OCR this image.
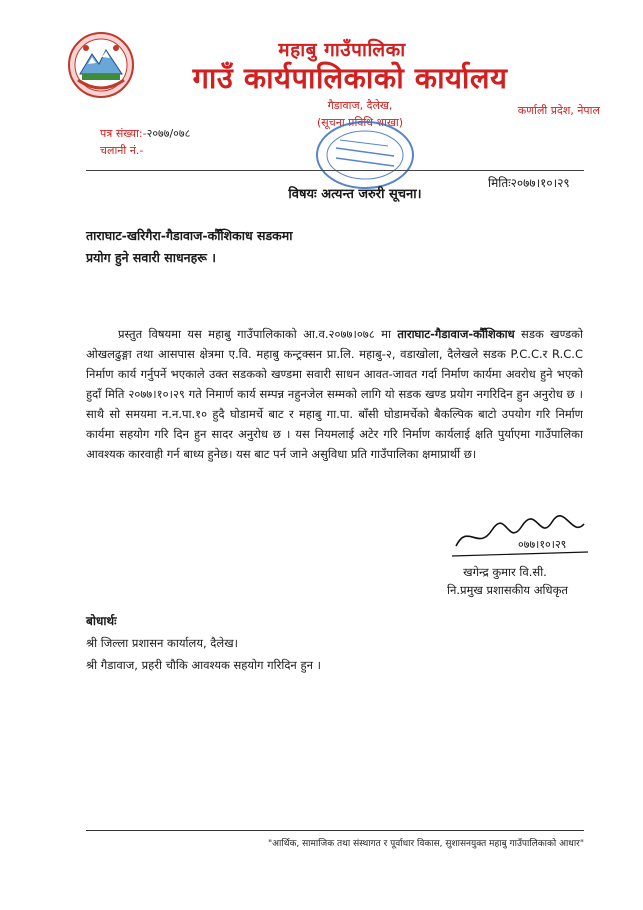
महाबु गाउँपालिका
गाउँ कार्यपालिकाको कार्यालय
गैडावाज, दैलेख,
(सूचना प्रविधि शाखा)
कर्णाली प्रदेश, नेपाल
पत्र संख्या:-२०७७/०७८
चलानी नं.-
मितिः२०७७।१०।२९
विषयः अत्यन्त जरुरी सूचना।
ताराघाट-खरिगैरा-गैडावाज-कौँशिकाध सडकमा
प्रयोग हुने सवारी साधनहरू ।

प्रस्तुत विषयमा यस महाबु गाउँपालिकाको आ.व.२०७७।०७८ मा ताराघाट-गैडावाज-कौँशिकाध सडक खण्डको ओखलढुङ्गा तथा आसपास क्षेत्रमा ए.वि. महाबु कन्ट्रक्सन प्रा.लि. महाबु-२, वडाखोला, दैलेखले सडक P.C.C.र R.C.C निर्माण कार्य गर्नुपर्ने भएकाले उक्त सडकको खण्डमा सवारी साधन आवत-जावत गर्दा निर्माण कार्यमा अवरोध हुने भएको हुदाँ मिति २०७७।१०।२९ गते निमार्ण कार्य सम्पन्न नहुनजेल सम्मको लागि यो सडक खण्ड प्रयोग नगरिदिन हुन अनुरोध छ । साथै सो समयमा न.न.पा.१० हुदै घोडामर्चे बाट र महाबु गा.पा. बाँसी घोडामर्चेको बैकल्पिक बाटो उपयोग गरि निर्माण कार्यमा सहयोग गरि दिन हुन सादर अनुरोध छ । यस नियमलाई अटेर गरि निर्माण कार्यलाई क्षति पुर्याएमा गाउँपालिका आवश्यक कारवाही गर्न बाध्य हुनेछ। यस बाट पर्न जाने असुविधा प्रति गाउँपालिका क्षमाप्रार्थी छ।

०७७।१०।२९
खगेन्द्र कुमार वि.सी.
नि.प्रमुख प्रशासकीय अधिकृत
बोधार्थः
श्री जिल्ला प्रशासन कार्यालय, दैलेख।
श्री गैडावाज, प्रहरी चौकि आवश्यक सहयोग गरिदिन हुन ।
"आर्थिक, सामाजिक तथा संस्थागत र पूर्वाधार विकास, सुशासनयुक्त महाबु गाउँपालिकाको आधार"
